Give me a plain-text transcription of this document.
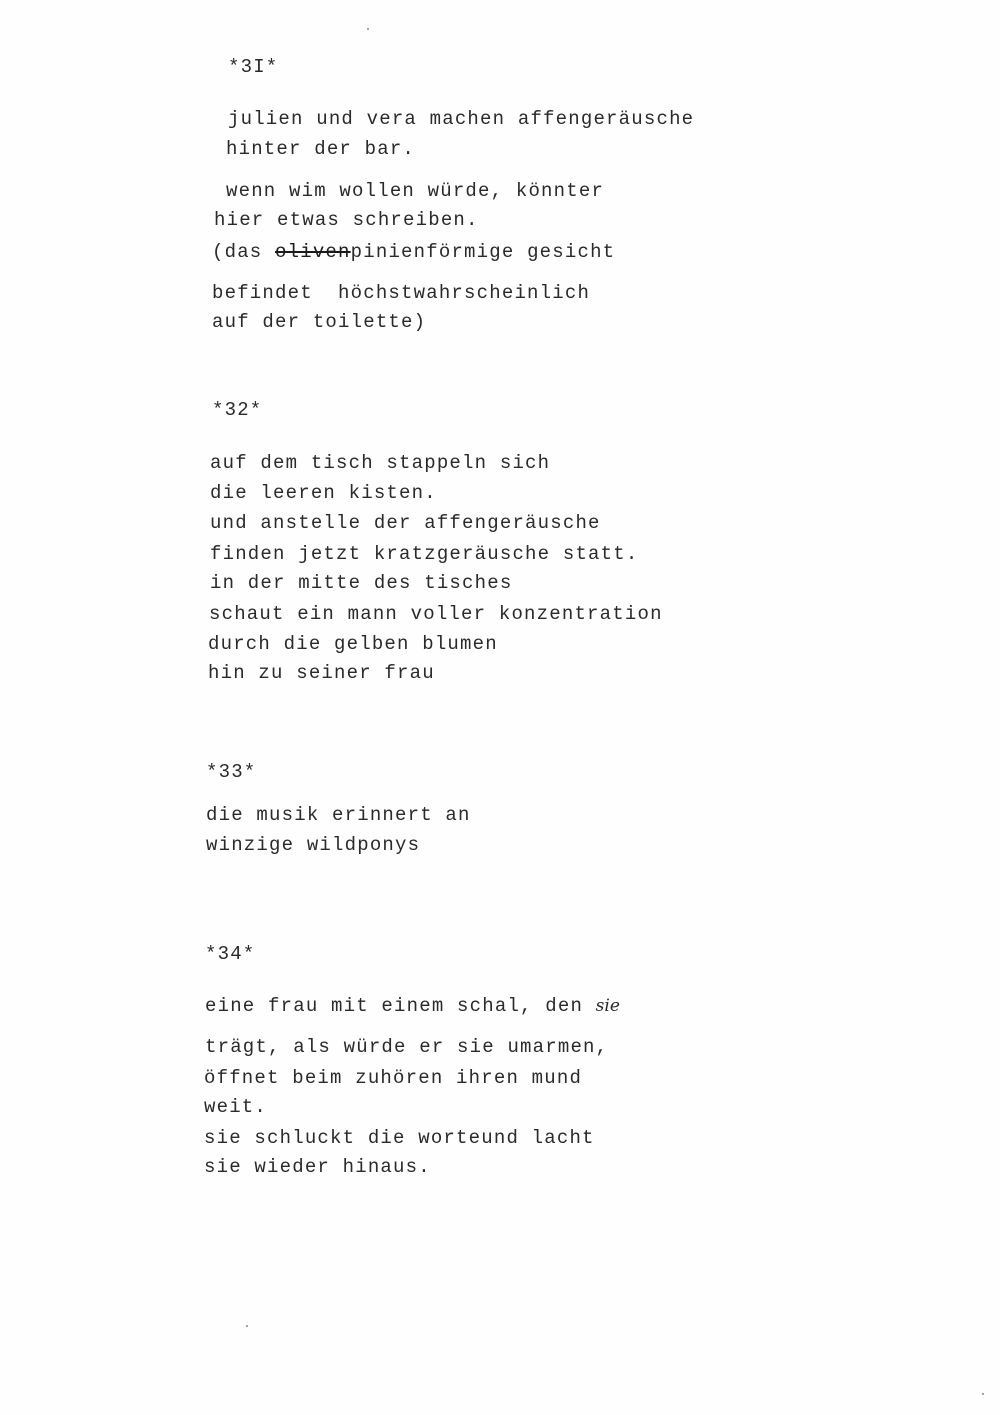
*3I*
julien und vera machen affengeräusche
hinter der bar.
wenn wim wollen würde, könnter
hier etwas schreiben.
(das olivenpinienförmige gesicht
befindet  höchstwahrscheinlich
auf der toilette)
*32*
auf dem tisch stappeln sich
die leeren kisten.
und anstelle der affengeräusche
finden jetzt kratzgeräusche statt.
in der mitte des tisches
schaut ein mann voller konzentration
durch die gelben blumen
hin zu seiner frau
*33*
die musik erinnert an
winzige wildponys
*34*
eine frau mit einem schal, den sie
trägt, als würde er sie umarmen,
öffnet beim zuhören ihren mund
weit.
sie schluckt die worteund lacht
sie wieder hinaus.
